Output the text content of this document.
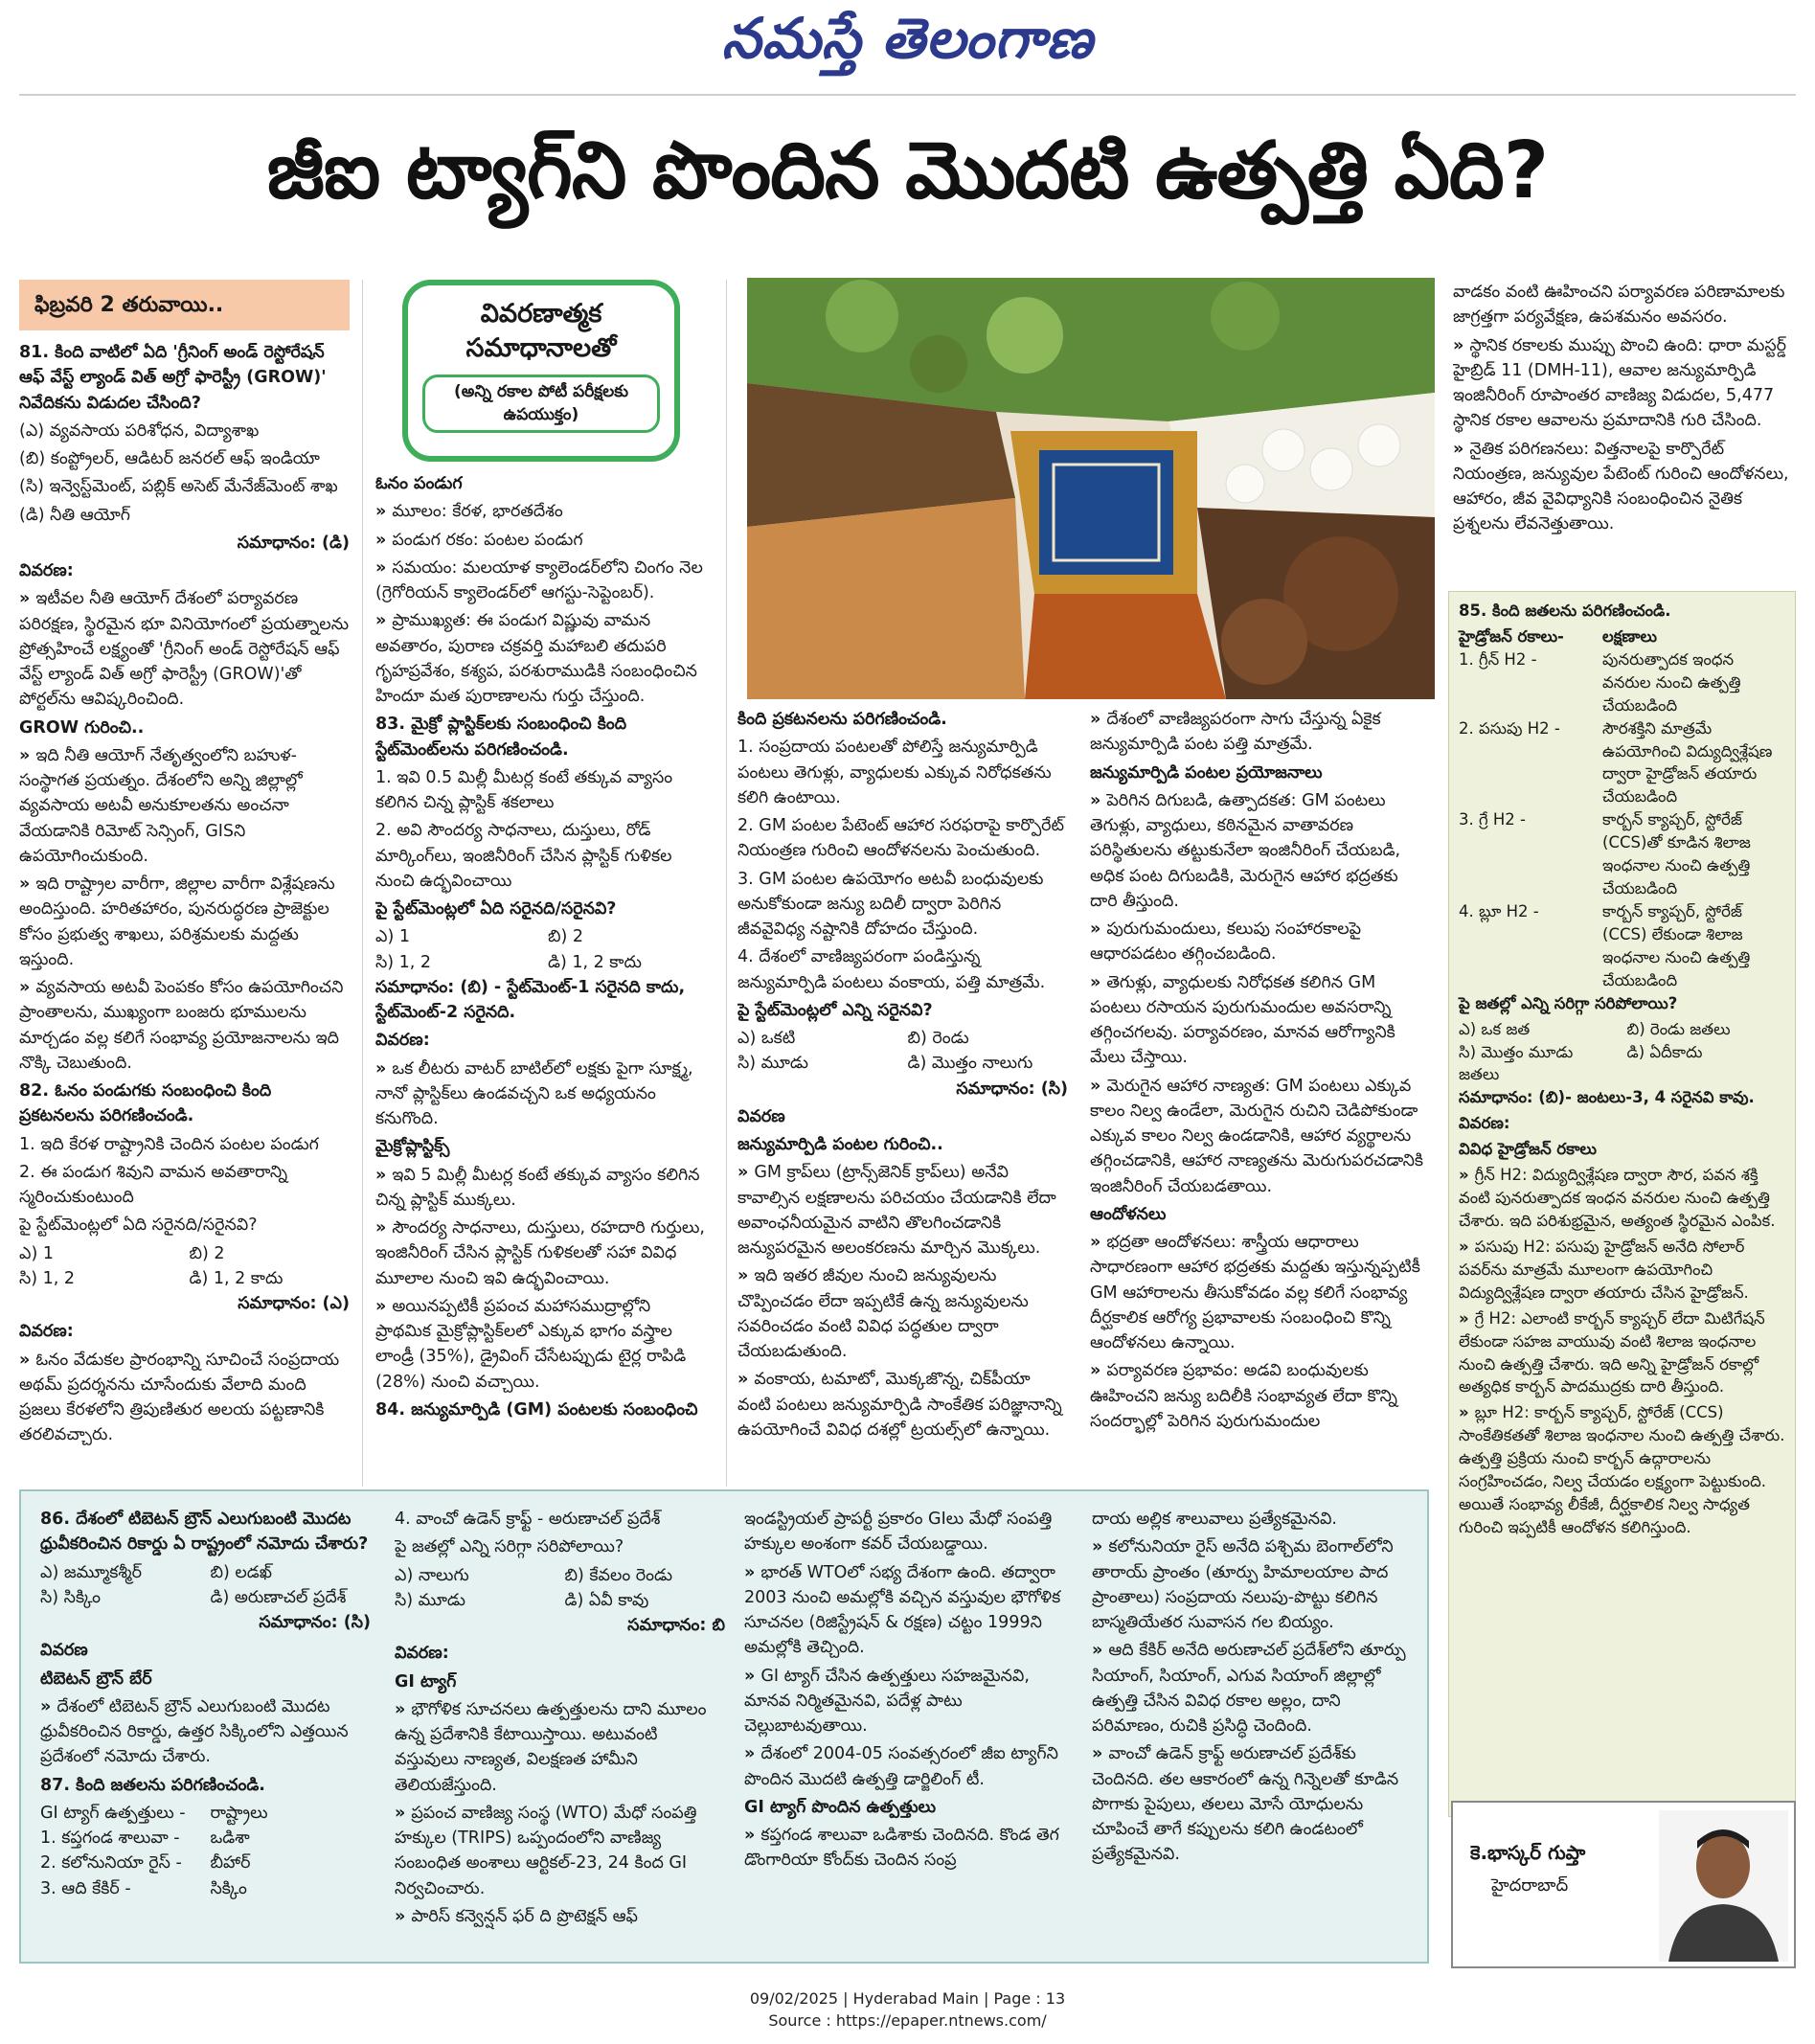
నమస్తే తెలంగాణ
జీఐ ట్యాగ్‌ని పొందిన మొదటి ఉత్పత్తి ఏది?
ఫిబ్రవరి 2 తరువాయి..

81. కింది వాటిలో ఏది 'గ్రీనింగ్ అండ్ రెస్టోరేషన్ ఆఫ్ వేస్ట్ ల్యాండ్ విత్ అగ్రో ఫారెస్ట్రీ (GROW)' నివేదికను విడుదల చేసింది?

(ఎ) వ్యవసాయ పరిశోధన, విద్యాశాఖ

(బి) కంప్ట్రోలర్, ఆడిటర్ జనరల్ ఆఫ్ ఇండియా

(సి) ఇన్వెస్ట్‌మెంట్, పబ్లిక్ అసెట్ మేనేజ్‌మెంట్ శాఖ

(డి) నీతి ఆయోగ్

సమాధానం: (డి)

వివరణ:

» ఇటీవల నీతి ఆయోగ్ దేశంలో పర్యావరణ పరిరక్షణ, స్థిరమైన భూ వినియోగంలో ప్రయత్నాలను ప్రోత్సహించే లక్ష్యంతో 'గ్రీనింగ్ అండ్ రెస్టోరేషన్ ఆఫ్ వేస్ట్ ల్యాండ్ విత్ అగ్రో ఫారెస్ట్రీ (GROW)'తో పోర్టల్‌ను ఆవిష్కరించింది.

GROW గురించి..

» ఇది నీతి ఆయోగ్ నేతృత్వంలోని బహుళ-సంస్థాగత ప్రయత్నం. దేశంలోని అన్ని జిల్లాల్లో వ్యవసాయ అటవీ అనుకూలతను అంచనా వేయడానికి రిమోట్ సెన్సింగ్, GISని ఉపయోగించుకుంది.

» ఇది రాష్ట్రాల వారీగా, జిల్లాల వారీగా విశ్లేషణను అందిస్తుంది. హరితహారం, పునరుద్ధరణ ప్రాజెక్టుల కోసం ప్రభుత్వ శాఖలు, పరిశ్రమలకు మద్దతు ఇస్తుంది.

» వ్యవసాయ అటవీ పెంపకం కోసం ఉపయోగించని ప్రాంతాలను, ముఖ్యంగా బంజరు భూములను మార్చడం వల్ల కలిగే సంభావ్య ప్రయోజనాలను ఇది నొక్కి చెబుతుంది.

82. ఓనం పండుగకు సంబంధించి కింది ప్రకటనలను పరిగణించండి.

1. ఇది కేరళ రాష్ట్రానికి చెందిన పంటల పండుగ

2. ఈ పండుగ శివుని వామన అవతారాన్ని స్మరించుకుంటుంది

పై స్టేట్‌మెంట్లలో ఏది సరైనది/సరైనవి?

ఎ) 1	బి) 2
సి) 1, 2	డి) 1, 2 కాదు

సమాధానం: (ఎ)

వివరణ:

» ఓనం వేడుకల ప్రారంభాన్ని సూచించే సంప్రదాయ అథమ్ ప్రదర్శనను చూసేందుకు వేలాది మంది ప్రజలు కేరళలోని త్రిపుణితుర అలయ పట్టణానికి తరలివచ్చారు.

వివరణాత్మక
సమాధానాలతో
(అన్ని రకాల పోటీ పరీక్షలకు ఉపయుక్తం)

ఓనం పండుగ

» మూలం: కేరళ, భారతదేశం

» పండుగ రకం: పంటల పండుగ

» సమయం: మలయాళ క్యాలెండర్‌లోని చింగం నెల (గ్రెగోరియన్ క్యాలెండర్‌లో ఆగస్టు-సెప్టెంబర్).

» ప్రాముఖ్యత: ఈ పండుగ విష్ణువు వామన అవతారం, పురాణ చక్రవర్తి మహాబలి తదుపరి గృహప్రవేశం, కశ్యప, పరశురాముడికి సంబంధించిన హిందూ మత పురాణాలను గుర్తు చేస్తుంది.

83. మైక్రో ప్లాస్టిక్‌లకు సంబంధించి కింది స్టేట్‌మెంట్‌లను పరిగణించండి.

1. ఇవి 0.5 మిల్లీ మీటర్ల కంటే తక్కువ వ్యాసం కలిగిన చిన్న ప్లాస్టిక్ శకలాలు

2. అవి సౌందర్య సాధనాలు, దుస్తులు, రోడ్ మార్కింగ్‌లు, ఇంజినీరింగ్ చేసిన ప్లాస్టిక్ గుళికల నుంచి ఉద్భవించాయి

పై స్టేట్‌మెంట్లలో ఏది సరైనది/సరైనవి?

ఎ) 1	బి) 2
సి) 1, 2	డి) 1, 2 కాదు

సమాధానం: (బి) - స్టేట్‌మెంట్-1 సరైనది కాదు, స్టేట్‌మెంట్-2 సరైనది.

వివరణ:

» ఒక లీటరు వాటర్ బాటిల్‌లో లక్షకు పైగా సూక్ష్మ, నానో ప్లాస్టిక్‌లు ఉండవచ్చని ఒక అధ్యయనం కనుగొంది.

మైక్రోప్లాస్టిక్స్

» ఇవి 5 మిల్లీ మీటర్ల కంటే తక్కువ వ్యాసం కలిగిన చిన్న ప్లాస్టిక్ ముక్కలు.

» సౌందర్య సాధనాలు, దుస్తులు, రహదారి గుర్తులు, ఇంజినీరింగ్ చేసిన ప్లాస్టిక్ గుళికలతో సహా వివిధ మూలాల నుంచి ఇవి ఉద్భవించాయి.

» అయినప్పటికీ ప్రపంచ మహాసముద్రాల్లోని ప్రాథమిక మైక్రోప్లాస్టిక్‌లలో ఎక్కువ భాగం వస్త్రాల లాండ్రీ (35%), డ్రైవింగ్ చేసేటప్పుడు టైర్ల రాపిడి (28%) నుంచి వచ్చాయి.

84. జన్యుమార్పిడి (GM) పంటలకు సంబంధించి

కింది ప్రకటనలను పరిగణించండి.

1. సంప్రదాయ పంటలతో పోలిస్తే జన్యుమార్పిడి పంటలు తెగుళ్లు, వ్యాధులకు ఎక్కువ నిరోధకతను కలిగి ఉంటాయి.

2. GM పంటల పేటెంట్ ఆహార సరఫరాపై కార్పొరేట్ నియంత్రణ గురించి ఆందోళనలను పెంచుతుంది.

3. GM పంటల ఉపయోగం అటవీ బంధువులకు అనుకోకుండా జన్యు బదిలీ ద్వారా పెరిగిన జీవవైవిధ్య నష్టానికి దోహదం చేస్తుంది.

4. దేశంలో వాణిజ్యపరంగా పండిస్తున్న జన్యుమార్పిడి పంటలు వంకాయ, పత్తి మాత్రమే.

పై స్టేట్‌మెంట్లలో ఎన్ని సరైనవి?

ఎ) ఒకటి	బి) రెండు
సి) మూడు	డి) మొత్తం నాలుగు

సమాధానం: (సి)

వివరణ

జన్యుమార్పిడి పంటల గురించి..

» GM క్రాప్‌లు (ట్రాన్స్‌జెనిక్ క్రాప్‌లు) అనేవి కావాల్సిన లక్షణాలను పరిచయం చేయడానికి లేదా అవాంఛనీయమైన వాటిని తొలగించడానికి జన్యుపరమైన అలంకరణను మార్చిన మొక్కలు.

» ఇది ఇతర జీవుల నుంచి జన్యువులను చొప్పించడం లేదా ఇప్పటికే ఉన్న జన్యువులను సవరించడం వంటి వివిధ పద్ధతుల ద్వారా చేయబడుతుంది.

» వంకాయ, టమాటో, మొక్కజొన్న, చిక్‌పీయా వంటి పంటలు జన్యుమార్పిడి సాంకేతిక పరిజ్ఞానాన్ని ఉపయోగించే వివిధ దశల్లో ట్రయల్స్‌లో ఉన్నాయి.

» దేశంలో వాణిజ్యపరంగా సాగు చేస్తున్న ఏకైక జన్యుమార్పిడి పంట పత్తి మాత్రమే.

జన్యుమార్పిడి పంటల ప్రయోజనాలు

» పెరిగిన దిగుబడి, ఉత్పాదకత: GM పంటలు తెగుళ్లు, వ్యాధులు, కఠినమైన వాతావరణ పరిస్థితులను తట్టుకునేలా ఇంజినీరింగ్ చేయబడి, అధిక పంట దిగుబడికి, మెరుగైన ఆహార భద్రతకు దారి తీస్తుంది.

» పురుగుమందులు, కలుపు సంహారకాలపై ఆధారపడటం తగ్గించబడింది.

» తెగుళ్లు, వ్యాధులకు నిరోధకత కలిగిన GM పంటలు రసాయన పురుగుమందుల అవసరాన్ని తగ్గించగలవు. పర్యావరణం, మానవ ఆరోగ్యానికి మేలు చేస్తాయి.

» మెరుగైన ఆహార నాణ్యత: GM పంటలు ఎక్కువ కాలం నిల్వ ఉండేలా, మెరుగైన రుచిని చెడిపోకుండా ఎక్కువ కాలం నిల్వ ఉండడానికి, ఆహార వ్యర్థాలను తగ్గించడానికి, ఆహార నాణ్యతను మెరుగుపరచడానికి ఇంజినీరింగ్ చేయబడతాయి.

ఆందోళనలు

» భద్రతా ఆందోళనలు: శాస్త్రీయ ఆధారాలు సాధారణంగా ఆహార భద్రతకు మద్దతు ఇస్తున్నప్పటికీ GM ఆహారాలను తీసుకోవడం వల్ల కలిగే సంభావ్య దీర్ఘకాలిక ఆరోగ్య ప్రభావాలకు సంబంధించి కొన్ని ఆందోళనలు ఉన్నాయి.

» పర్యావరణ ప్రభావం: అడవి బంధువులకు ఊహించని జన్యు బదిలీకి సంభావ్యత లేదా కొన్ని సందర్భాల్లో పెరిగిన పురుగుమందుల

వాడకం వంటి ఊహించని పర్యావరణ పరిణామాలకు జాగ్రత్తగా పర్యవేక్షణ, ఉపశమనం అవసరం.

» స్థానిక రకాలకు ముప్పు పొంచి ఉంది: ధారా మస్టర్డ్ హైబ్రిడ్ 11 (DMH-11), ఆవాల జన్యుమార్పిడి ఇంజినీరింగ్ రూపాంతర వాణిజ్య విడుదల, 5,477 స్థానిక రకాల ఆవాలను ప్రమాదానికి గురి చేసింది.

» నైతిక పరిగణనలు: విత్తనాలపై కార్పొరేట్ నియంత్రణ, జన్యువుల పేటెంట్ గురించి ఆందోళనలు, ఆహారం, జీవ వైవిధ్యానికి సంబంధించిన నైతిక ప్రశ్నలను లేవనెత్తుతాయి.

85. కింది జతలను పరిగణించండి.

హైడ్రోజన్ రకాలు-	లక్షణాలు
1. గ్రీన్ H2 -	పునరుత్పాదక ఇంధన వనరుల నుంచి ఉత్పత్తి చేయబడింది
2. పసుపు H2 -	సౌరశక్తిని మాత్రమే ఉపయోగించి విద్యుద్విశ్లేషణ ద్వారా హైడ్రోజన్ తయారు చేయబడింది
3. గ్రే H2 -	కార్బన్ క్యాప్చర్, స్టోరేజ్ (CCS)తో కూడిన శిలాజ ఇంధనాల నుంచి ఉత్పత్తి చేయబడింది
4. బ్లూ H2 -	కార్బన్ క్యాప్చర్, స్టోరేజ్ (CCS) లేకుండా శిలాజ ఇంధనాల నుంచి ఉత్పత్తి చేయబడింది

పై జతల్లో ఎన్ని సరిగ్గా సరిపోలాయి?

ఎ) ఒక జత	బి) రెండు జతలు
సి) మొత్తం మూడు జతలు
డి) ఏదీకాదు

సమాధానం: (బి)- జంటలు-3, 4 సరైనవి కావు.

వివరణ:

వివిధ హైడ్రోజన్ రకాలు

» గ్రీన్ H2: విద్యుద్విశ్లేషణ ద్వారా సౌర, పవన శక్తి వంటి పునరుత్పాదక ఇంధన వనరుల నుంచి ఉత్పత్తి చేశారు. ఇది పరిశుభ్రమైన, అత్యంత స్థిరమైన ఎంపిక.

» పసుపు H2: పసుపు హైడ్రోజన్ అనేది సోలార్ పవర్‌ను మాత్రమే మూలంగా ఉపయోగించి విద్యుద్విశ్లేషణ ద్వారా తయారు చేసిన హైడ్రోజన్.

» గ్రే H2: ఎలాంటి కార్బన్ క్యాప్చర్ లేదా మిటిగేషన్ లేకుండా సహజ వాయువు వంటి శిలాజ ఇంధనాల నుంచి ఉత్పత్తి చేశారు. ఇది అన్ని హైడ్రోజన్ రకాల్లో అత్యధిక కార్బన్ పాదముద్రకు దారి తీస్తుంది.

» బ్లూ H2: కార్బన్ క్యాప్చర్, స్టోరేజ్ (CCS) సాంకేతికతతో శిలాజ ఇంధనాల నుంచి ఉత్పత్తి చేశారు. ఉత్పత్తి ప్రక్రియ నుంచి కార్బన్ ఉద్గారాలను సంగ్రహించడం, నిల్వ చేయడం లక్ష్యంగా పెట్టుకుంది. అయితే సంభావ్య లీకేజీ, దీర్ఘకాలిక నిల్వ సాధ్యత గురించి ఇప్పటికీ ఆందోళన కలిగిస్తుంది.

86. దేశంలో టిబెటన్ బ్రౌన్ ఎలుగుబంటి మొదట ధ్రువీకరించిన రికార్డు ఏ రాష్ట్రంలో నమోదు చేశారు?

ఎ) జమ్మూకశ్మీర్	బి) లడఖ్
సి) సిక్కిం	డి) అరుణాచల్ ప్రదేశ్

సమాధానం: (సి)

వివరణ

టిబెటన్ బ్రౌన్ బేర్

» దేశంలో టిబెటన్ బ్రౌన్ ఎలుగుబంటి మొదట ధ్రువీకరించిన రికార్డు, ఉత్తర సిక్కింలోని ఎత్తయిన ప్రదేశంలో నమోదు చేశారు.

87. కింది జతలను పరిగణించండి.

GI ట్యాగ్ ఉత్పత్తులు -	రాష్ట్రాలు
1. కప్తగండ శాలువా -	ఒడిశా
2. కలోనునియా రైస్ -	బీహార్
3. ఆది కేకిర్ -	సిక్కిం

4. వాంచో ఉడెన్ క్రాఫ్ట్ - అరుణాచల్ ప్రదేశ్

పై జతల్లో ఎన్ని సరిగ్గా సరిపోలాయి?

ఎ) నాలుగు	బి) కేవలం రెండు
సి) మూడు	డి) ఏవీ కావు

సమాధానం: బి

వివరణ:

GI ట్యాగ్

» భౌగోళిక సూచనలు ఉత్పత్తులను దాని మూలం ఉన్న ప్రదేశానికి కేటాయిస్తాయి. అటువంటి వస్తువులు నాణ్యత, విలక్షణత హామీని తెలియజేస్తుంది.

» ప్రపంచ వాణిజ్య సంస్థ (WTO) మేధో సంపత్తి హక్కుల (TRIPS) ఒప్పందంలోని వాణిజ్య సంబంధిత అంశాలు ఆర్టికల్-23, 24 కింద GI నిర్వచించారు.

» పారిస్ కన్వెన్షన్ ఫర్ ది ప్రొటెక్షన్ ఆఫ్

ఇండస్ట్రియల్ ప్రాపర్టీ ప్రకారం GIలు మేధో సంపత్తి హక్కుల అంశంగా కవర్ చేయబడ్డాయి.

» భారత్ WTOలో సభ్య దేశంగా ఉంది. తద్వారా 2003 నుంచి అమల్లోకి వచ్చిన వస్తువుల భౌగోళిక సూచనల (రిజిస్ట్రేషన్ & రక్షణ) చట్టం 1999ని అమల్లోకి తెచ్చింది.

» GI ట్యాగ్ చేసిన ఉత్పత్తులు సహజమైనవి, మానవ నిర్మితమైనవి, పదేళ్ల పాటు చెల్లుబాటవుతాయి.

» దేశంలో 2004-05 సంవత్సరంలో జీఐ ట్యాగ్‌ని పొందిన మొదటి ఉత్పత్తి డార్జిలింగ్ టీ.

GI ట్యాగ్ పొందిన ఉత్పత్తులు

» కప్తగండ శాలువా ఒడిశాకు చెందినది. కొండ తెగ డొంగారియా కోంద్‌కు చెందిన సంప్ర

దాయ అల్లిక శాలువాలు ప్రత్యేకమైనవి.

» కలోనునియా రైస్ అనేది పశ్చిమ బెంగాల్‌లోని తారాయ్ ప్రాంతం (తూర్పు హిమాలయాల పాద ప్రాంతాలు) సంప్రదాయ నలుపు-పొట్టు కలిగిన బాస్మతియేతర సువాసన గల బియ్యం.

» ఆది కేకిర్ అనేది అరుణాచల్ ప్రదేశ్‌లోని తూర్పు సియాంగ్, సియాంగ్, ఎగువ సియాంగ్ జిల్లాల్లో ఉత్పత్తి చేసిన వివిధ రకాల అల్లం, దాని పరిమాణం, రుచికి ప్రసిద్ధి చెందింది.

» వాంచో ఉడెన్ క్రాఫ్ట్ అరుణాచల్ ప్రదేశ్‌కు చెందినది. తల ఆకారంలో ఉన్న గిన్నెలతో కూడిన పొగాకు పైపులు, తలలు మోసే యోధులను చూపించే తాగే కప్పులను కలిగి ఉండటంలో ప్రత్యేకమైనవి.	కె.భాస్కర్ గుప్తా
హైదరాబాద్
09/02/2025 | Hyderabad Main | Page : 13
Source : https://epaper.ntnews.com/
